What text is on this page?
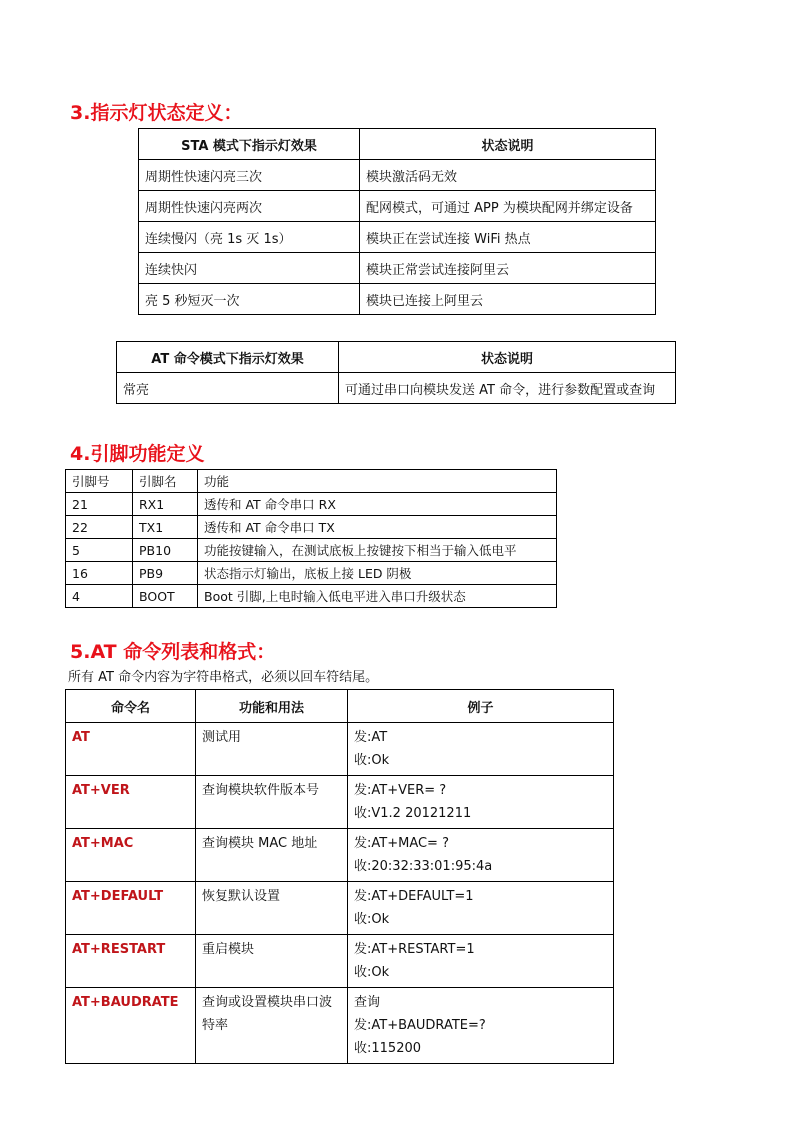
3.指示灯状态定义：
STA 模式下指示灯效果	状态说明
周期性快速闪亮三次	模块激活码无效
周期性快速闪亮两次	配网模式，可通过 APP 为模块配网并绑定设备
连续慢闪（亮 1s 灭 1s）	模块正在尝试连接 WiFi 热点
连续快闪	模块正常尝试连接阿里云
亮 5 秒短灭一次	模块已连接上阿里云
AT 命令模式下指示灯效果	状态说明
常亮	可通过串口向模块发送 AT 命令，进行参数配置或查询
4.引脚功能定义
引脚号	引脚名	功能
21	RX1	透传和 AT 命令串口 RX
22	TX1	透传和 AT 命令串口 TX
5	PB10	功能按键输入，在测试底板上按键按下相当于输入低电平
16	PB9	状态指示灯输出，底板上接 LED 阴极
4	BOOT	Boot 引脚,上电时输入低电平进入串口升级状态
5.AT 命令列表和格式：

所有 AT 命令内容为字符串格式，必须以回车符结尾。

命令名	功能和用法	例子
AT	测试用	发:AT
收:Ok

AT+VER	查询模块软件版本号	发:AT+VER= ?
收:V1.2 20121211

AT+MAC	查询模块 MAC 地址	发:AT+MAC= ?
收:20:32:33:01:95:4a

AT+DEFAULT	恢复默认设置	发:AT+DEFAULT=1
收:Ok

AT+RESTART	重启模块	发:AT+RESTART=1
收:Ok

AT+BAUDRATE	查询或设置模块串口波特率	查询
发:AT+BAUDRATE=?
收:115200
